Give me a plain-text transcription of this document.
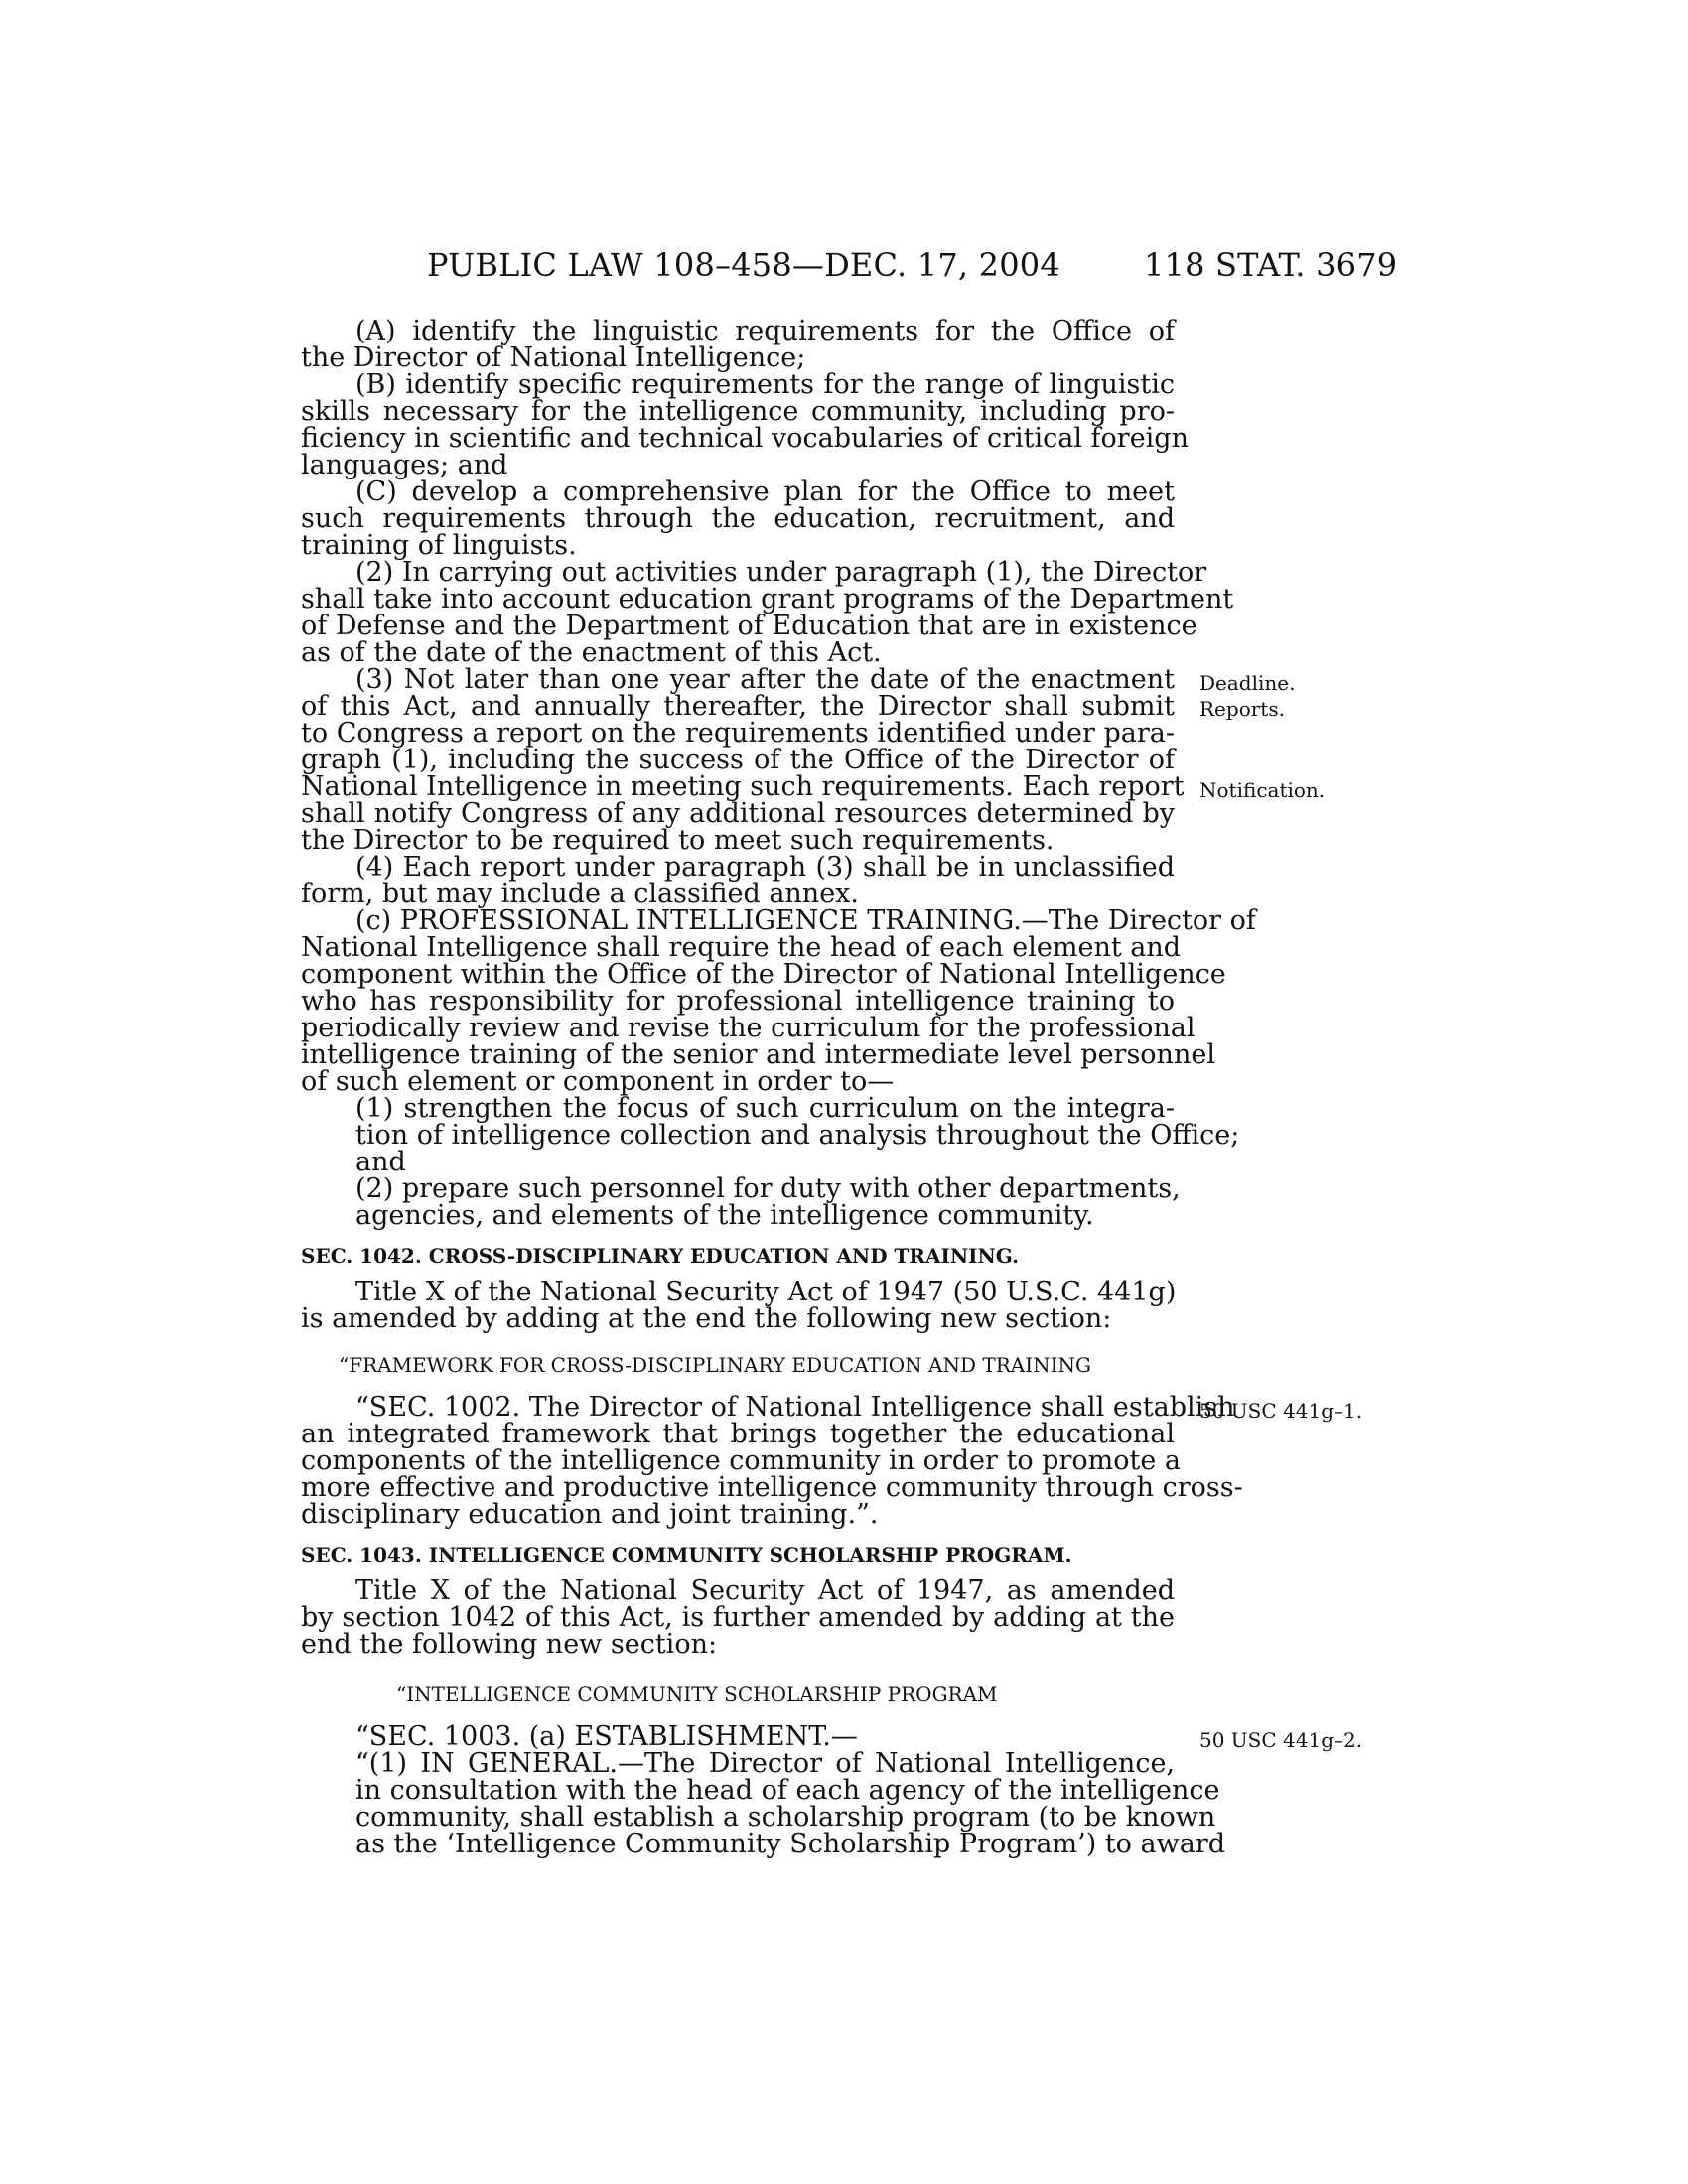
PUBLIC LAW 108–458—DEC. 17, 2004	118 STAT. 3679
(A) identify the linguistic requirements for the Office of
the Director of National Intelligence;
(B) identify specific requirements for the range of linguistic
skills necessary for the intelligence community, including pro-
ficiency in scientific and technical vocabularies of critical foreign
languages; and
(C) develop a comprehensive plan for the Office to meet
such requirements through the education, recruitment, and
training of linguists.
(2) In carrying out activities under paragraph (1), the Director
shall take into account education grant programs of the Department
of Defense and the Department of Education that are in existence
as of the date of the enactment of this Act.
(3) Not later than one year after the date of the enactment
of this Act, and annually thereafter, the Director shall submit
to Congress a report on the requirements identified under para-
graph (1), including the success of the Office of the Director of
National Intelligence in meeting such requirements. Each report
shall notify Congress of any additional resources determined by
the Director to be required to meet such requirements.
(4) Each report under paragraph (3) shall be in unclassified
form, but may include a classified annex.
(c) PROFESSIONAL INTELLIGENCE TRAINING.—The Director of
National Intelligence shall require the head of each element and
component within the Office of the Director of National Intelligence
who has responsibility for professional intelligence training to
periodically review and revise the curriculum for the professional
intelligence training of the senior and intermediate level personnel
of such element or component in order to—
(1) strengthen the focus of such curriculum on the integra-
tion of intelligence collection and analysis throughout the Office;
and
(2) prepare such personnel for duty with other departments,
agencies, and elements of the intelligence community.
SEC. 1042. CROSS-DISCIPLINARY EDUCATION AND TRAINING.
Title X of the National Security Act of 1947 (50 U.S.C. 441g)
is amended by adding at the end the following new section:
“FRAMEWORK FOR CROSS-DISCIPLINARY EDUCATION AND TRAINING
“SEC. 1002. The Director of National Intelligence shall establish
an integrated framework that brings together the educational
components of the intelligence community in order to promote a
more effective and productive intelligence community through cross-
disciplinary education and joint training.”.
SEC. 1043. INTELLIGENCE COMMUNITY SCHOLARSHIP PROGRAM.
Title X of the National Security Act of 1947, as amended
by section 1042 of this Act, is further amended by adding at the
end the following new section:
“INTELLIGENCE COMMUNITY SCHOLARSHIP PROGRAM
“SEC. 1003. (a) ESTABLISHMENT.—
“(1) IN GENERAL.—The Director of National Intelligence,
in consultation with the head of each agency of the intelligence
community, shall establish a scholarship program (to be known
as the ‘Intelligence Community Scholarship Program’) to award
Deadline.
Reports.
Notification.
50 USC 441g–1.
50 USC 441g–2.
